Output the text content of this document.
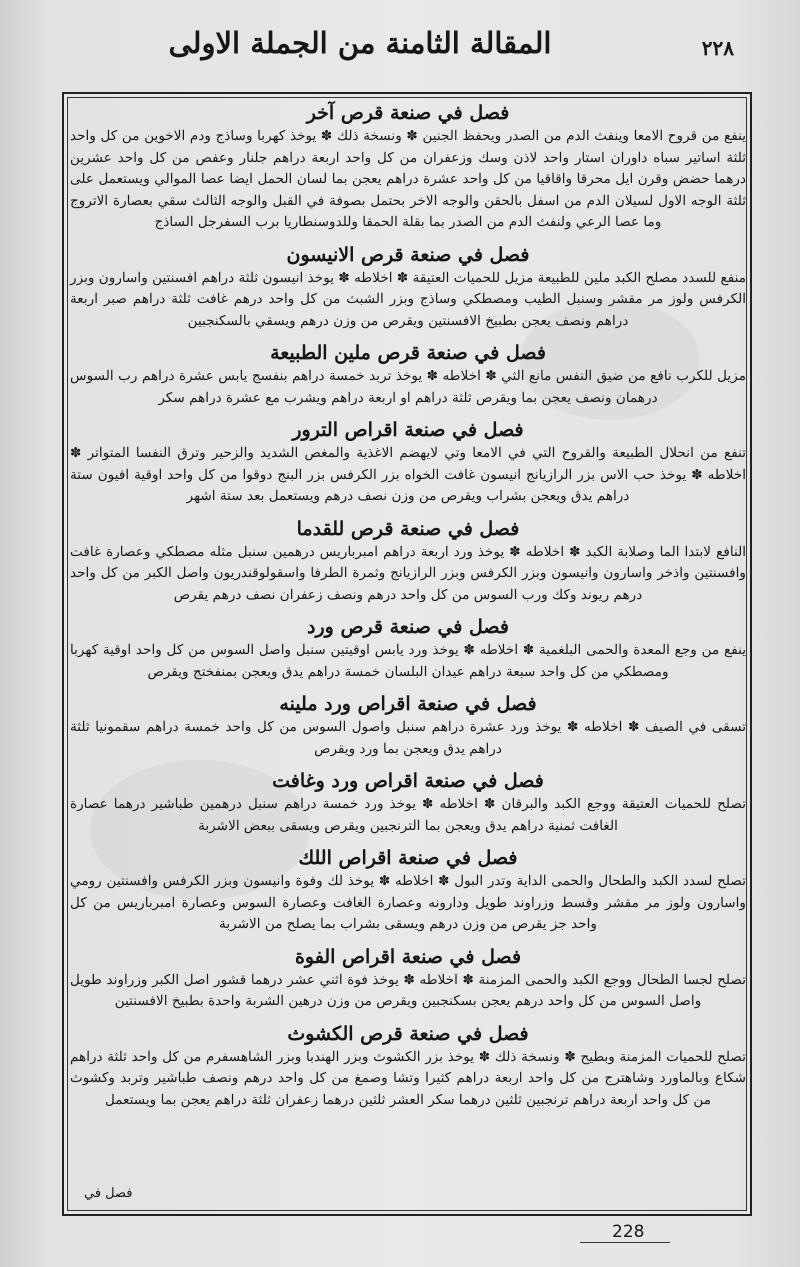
المقالة الثامنة من الجملة الاولى	٢٢٨
فصل في صنعة قرص آخر

ينفع من قروح الامعا وينفث الدم من الصدر ويحفظ الجنين ✽ ونسخة ذلك ✽ يوخذ كهربا وساذج ودم الاخوين من كل واحد ثلثة اساتير سباه داوران استار واحد لاذن وسك وزعفران من كل واحد اربعة دراهم جلنار وعفص من كل واحد عشرين درهما حضض وقرن ايل محرقا واقاقيا من كل واحد عشرة دراهم يعجن بما لسان الحمل ايضا عصا الموالي ويستعمل على ثلثة الوجه الاول لسيلان الدم من اسفل بالحقن والوجه الاخر بحتمل بصوفة في القبل والوجه الثالث سقي بعصارة الاتروج وما عصا الرعي ولنفث الدم من الصدر بما بقلة الحمقا وللدوسنطاريا برب السفرجل الساذج

فصل في صنعة قرص الانيسون

منفع للسدد مصلح الكبد ملين للطبيعة مزيل للحميات العتيقة ✽ اخلاطه ✽ يوخذ انيسون ثلثة دراهم افسنتين واسارون وبزر الكرفس ولوز مر مقشر وسنبل الطيب ومصطكي وساذج وبزر الشبث من كل واحد درهم غافت ثلثة دراهم صبر اربعة دراهم ونصف يعجن بطبيخ الافسنتين ويقرص من وزن درهم ويسقي بالسكنجبين

فصل في صنعة قرص ملين الطبيعة

مزيل للكرب نافع من ضيق النفس مانع الثي ✽ اخلاطه ✽ يوخذ تربد خمسة دراهم بنفسج يابس عشرة دراهم رب السوس درهمان ونصف يعجن بما ويقرص ثلثة دراهم او اربعة دراهم ويشرب مع عشرة دراهم سكر

فصل في صنعة اقراص الترور

تنفع من انحلال الطبيعة والقروح التي في الامعا وتي لايهضم الاغذية والمغص الشديد والزحير وترق النفسا المتواتر ✽ اخلاطه ✽ يوخذ حب الاس بزر الرازيانج انيسون غافت الخواه بزر الكرفس بزر البنج دوقوا من كل واحد اوقية افيون ستة دراهم يدق ويعجن بشراب ويقرص من وزن نصف درهم ويستعمل بعد ستة اشهر

فصل في صنعة قرص للقدما

النافع لابتدا الما وصلابة الكبد ✽ اخلاطه ✽ يوخذ ورد اربعة دراهم امبرباريس درهمين سنبل مثله مصطكي وعصارة غافت وافسنتين واذخر واسارون وانيسون وبزر الكرفس وبزر الرازيانج وثمرة الطرفا واسقولوقندريون واصل الكبر من كل واحد درهم ريوند وكك ورب السوس من كل واحد درهم ونصف زعفران نصف درهم يقرص

فصل في صنعة قرص ورد

ينفع من وجع المعدة والحمى البلغمية ✽ اخلاطه ✽ يوخذ ورد يابس اوقيتين سنبل واصل السوس من كل واحد اوقية كهربا ومصطكي من كل واحد سبعة دراهم عيدان البلسان خمسة دراهم يدق ويعجن بمنفختج ويقرص

فصل في صنعة اقراص ورد ملينه

تسقى في الصيف ✽ اخلاطه ✽ يوخذ ورد عشرة دراهم سنبل واصول السوس من كل واحد خمسة دراهم سقمونيا ثلثة دراهم يدق ويعجن بما ورد ويقرص

فصل في صنعة اقراص ورد وغافت

تصلح للحميات العتيقة ووجع الكبد والبرقان ✽ اخلاطه ✽ يوخذ ورد خمسة دراهم سنبل درهمين طباشير درهما عصارة الغافت ثمنية دراهم يدق ويعجن بما الترنجبين ويقرص ويسقى ببعض الاشربة

فصل في صنعة اقراص اللك

تصلح لسدد الكبد والطحال والحمى الداية وتدر البول ✽ اخلاطه ✽ يوخذ لك وفوة وانيسون وبزر الكرفس وافسنتين رومي واسارون ولوز مر مقشر وقسط وزراوند طويل ودارونه وعصارة الغافت وعصارة السوس وعصارة امبرباريس من كل واحد جز يقرص من وزن درهم ويسقى بشراب بما يصلح من الاشربة

فصل في صنعة اقراص الفوة

تصلح لجسا الطحال ووجع الكبد والحمى المزمنة ✽ اخلاطه ✽ يوخذ فوة اثني عشر درهما قشور اصل الكبر وزراوند طويل واصل السوس من كل واحد درهم يعجن بسكنجبين ويقرص من وزن درهين الشربة واحدة بطبيخ الافسنتين

فصل في صنعة قرص الكشوث

تصلح للحميات المزمنة وبطيح ✽ ونسخة ذلك ✽ يوخذ بزر الكشوث وبزر الهندبا وبزر الشاهسفرم من كل واحد ثلثة دراهم شكاع وبالماورد وشاهترج من كل واحد اربعة دراهم كثيرا وتشا وصمغ من كل واحد درهم ونصف طباشير وتربد وكشوث من كل واحد اربعة دراهم ترنجبين ثلثين درهما سكر العشر ثلثين درهما زعفران ثلثة دراهم يعجن بما ويستعمل

فصل في
228
